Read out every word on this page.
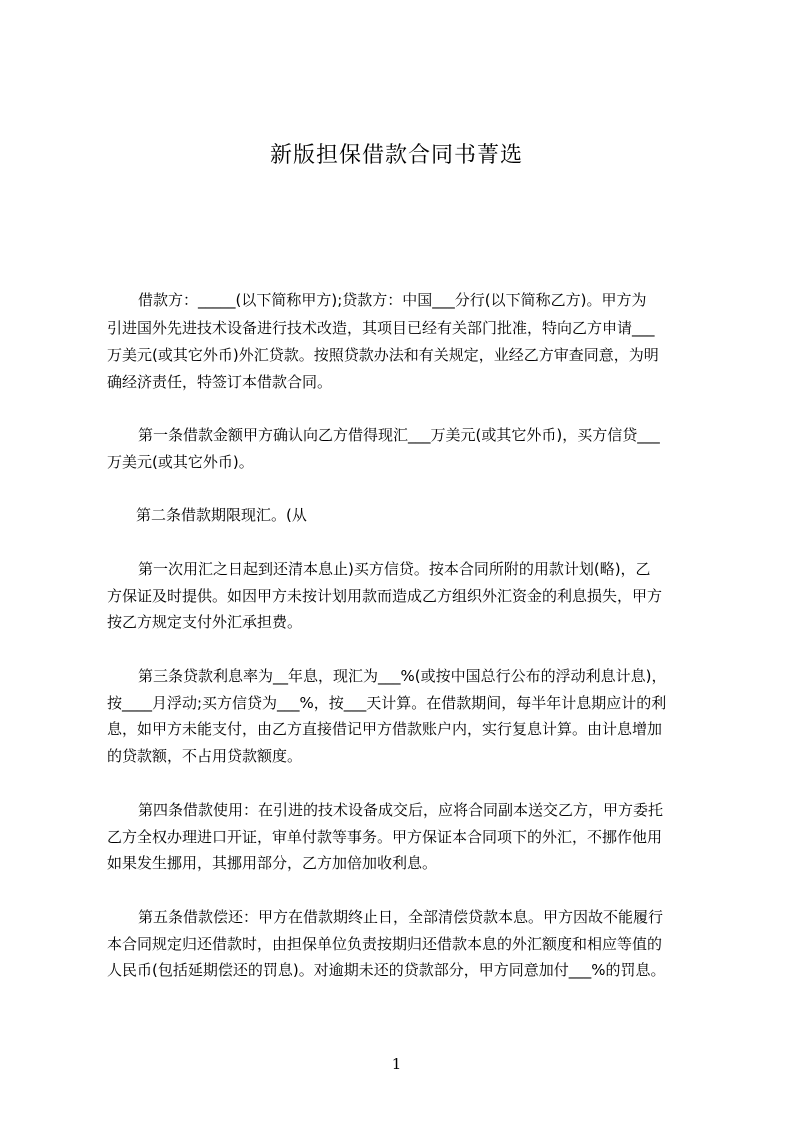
新版担保借款合同书菁选
借款方：_____(以下简称甲方);贷款方：中国___分行(以下简称乙方)。甲方为
引进国外先进技术设备进行技术改造，其项目已经有关部门批准，特向乙方申请___
万美元(或其它外币)外汇贷款。按照贷款办法和有关规定，业经乙方审查同意，为明
确经济责任，特签订本借款合同。
第一条借款金额甲方确认向乙方借得现汇___万美元(或其它外币)，买方信贷___
万美元(或其它外币)。
第二条借款期限现汇。(从
第一次用汇之日起到还清本息止)买方信贷。按本合同所附的用款计划(略)，乙
方保证及时提供。如因甲方未按计划用款而造成乙方组织外汇资金的利息损失，甲方
按乙方规定支付外汇承担费。
第三条贷款利息率为__年息，现汇为___%(或按中国总行公布的浮动利息计息)，
按____月浮动;买方信贷为___%，按___天计算。在借款期间，每半年计息期应计的利
息，如甲方未能支付，由乙方直接借记甲方借款账户内，实行复息计算。由计息增加
的贷款额，不占用贷款额度。
第四条借款使用：在引进的技术设备成交后，应将合同副本送交乙方，甲方委托
乙方全权办理进口开证，审单付款等事务。甲方保证本合同项下的外汇，不挪作他用
如果发生挪用，其挪用部分，乙方加倍加收利息。
第五条借款偿还：甲方在借款期终止日，全部清偿贷款本息。甲方因故不能履行
本合同规定归还借款时，由担保单位负责按期归还借款本息的外汇额度和相应等值的
人民币(包括延期偿还的罚息)。对逾期未还的贷款部分，甲方同意加付___%的罚息。
1
